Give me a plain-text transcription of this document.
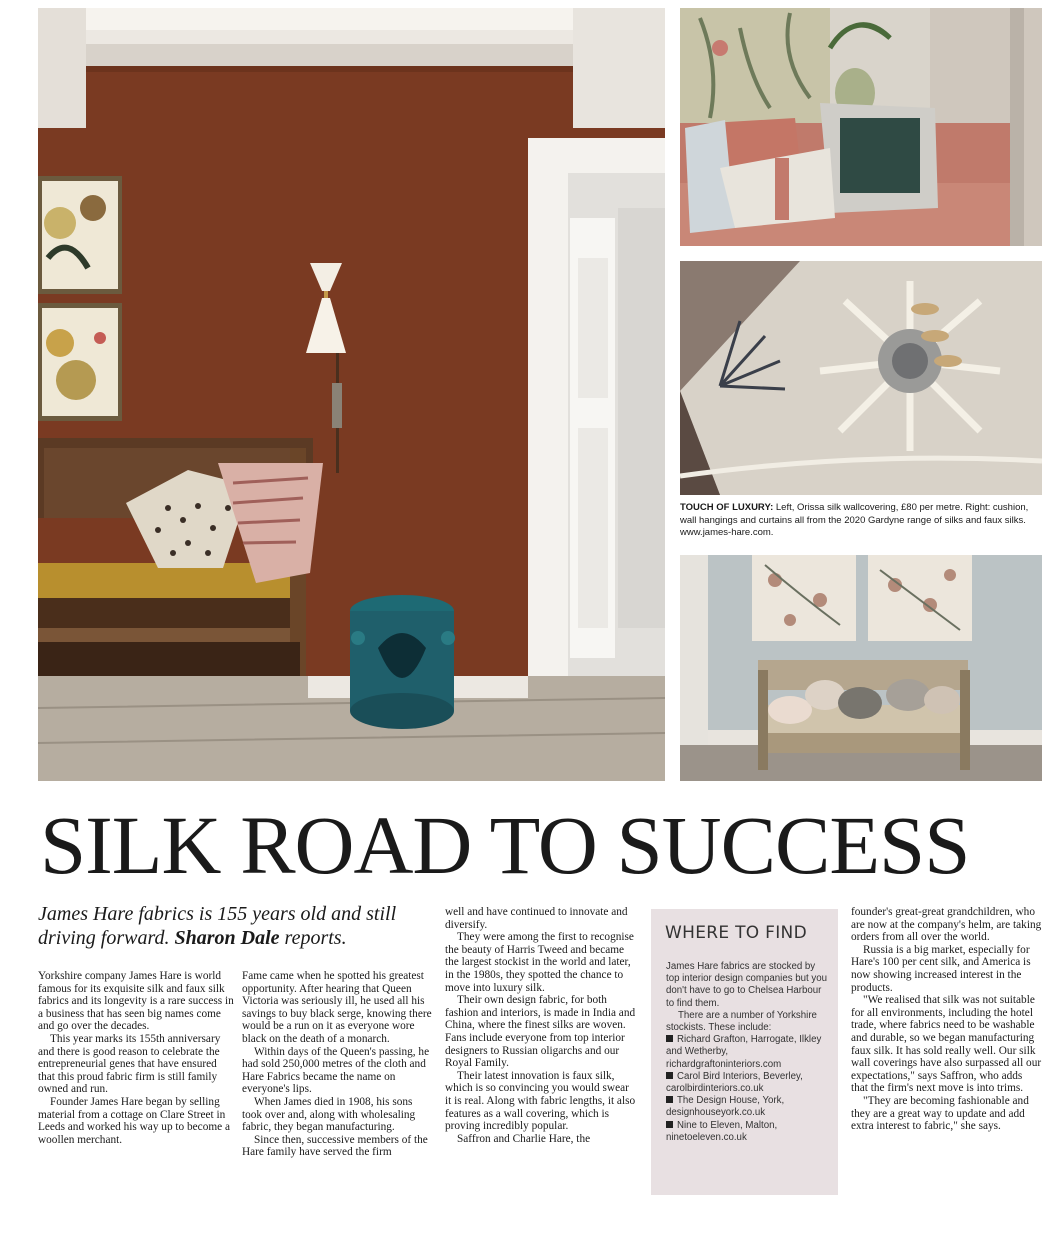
TOUCH OF LUXURY: Left, Orissa silk wallcovering, £80 per metre. Right: cushion, wall hangings and curtains all from the 2020 Gardyne range of silks and faux silks. www.james-hare.com.
SILK ROAD TO SUCCESS
James Hare fabrics is 155 years old and still driving forward. Sharon Dale reports.

Yorkshire company James Hare is world famous for its exquisite silk and faux silk fabrics and its longevity is a rare success in a business that has seen big names come and go over the decades.

This year marks its 155th anniversary and there is good reason to celebrate the entrepreneurial genes that have ensured that this proud fabric firm is still family owned and run.

Founder James Hare began by selling material from a cottage on Clare Street in Leeds and worked his way up to become a woollen merchant.

Fame came when he spotted his greatest opportunity. After hearing that Queen Victoria was seriously ill, he used all his savings to buy black serge, knowing there would be a run on it as everyone wore black on the death of a monarch.

Within days of the Queen's passing, he had sold 250,000 metres of the cloth and Hare Fabrics became the name on everyone's lips.

When James died in 1908, his sons took over and, along with wholesaling fabric, they began manufacturing.

Since then, successive members of the Hare family have served the firm

well and have continued to innovate and diversify.

They were among the first to recognise the beauty of Harris Tweed and became the largest stockist in the world and later, in the 1980s, they spotted the chance to move into luxury silk.

Their own design fabric, for both fashion and interiors, is made in India and China, where the finest silks are woven. Fans include everyone from top interior designers to Russian oligarchs and our Royal Family.

Their latest innovation is faux silk, which is so convincing you would swear it is real. Along with fabric lengths, it also features as a wall covering, which is proving incredibly popular.

Saffron and Charlie Hare, the

founder's great-great grandchildren, who are now at the company's helm, are taking orders from all over the world.

Russia is a big market, especially for Hare's 100 per cent silk, and America is now showing increased interest in the products.

"We realised that silk was not suitable for all environments, including the hotel trade, where fabrics need to be washable and durable, so we began manufacturing faux silk. It has sold really well. Our silk wall coverings have also surpassed all our expectations," says Saffron, who adds that the firm's next move is into trims.

"They are becoming fashionable and they are a great way to update and add extra interest to fabric," she says.

WHERE TO FIND

James Hare fabrics are stocked by top interior design companies but you don't have to go to Chelsea Harbour to find them.

There are a number of Yorkshire stockists. These include:

Richard Grafton, Harrogate, Ilkley and Wetherby, richardgraftoninteriors.com

Carol Bird Interiors, Beverley, carolbirdinteriors.co.uk

The Design House, York, designhouseyork.co.uk

Nine to Eleven, Malton, ninetoeleven.co.uk
